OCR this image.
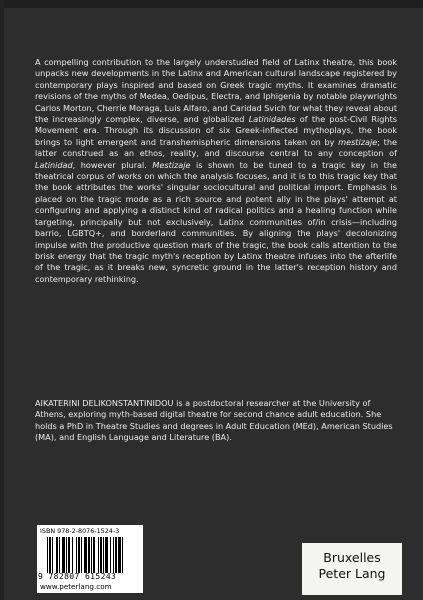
A compelling contribution to the largely understudied field of Latinx theatre, this book unpacks new developments in the Latinx and American cultural landscape registered by contemporary plays inspired and based on Greek tragic myths. It examines dramatic revisions of the myths of Medea, Oedipus, Electra, and Iphigenia by notable playwrights Carlos Morton, Cherríe Moraga, Luis Alfaro, and Caridad Svich for what they reveal about the increasingly complex, diverse, and globalized Latinidades of the post-Civil Rights Movement era. Through its discussion of six Greek-inflected mythoplays, the book brings to light emergent and transhemispheric dimensions taken on by mestizaje; the latter construed as an ethos, reality, and discourse central to any conception of Latinidad, however plural. Mestizaje is shown to be tuned to a tragic key in the theatrical corpus of works on which the analysis focuses, and it is to this tragic key that the book attributes the works' singular sociocultural and political import. Emphasis is placed on the tragic mode as a rich source and potent ally in the plays' attempt at configuring and applying a distinct kind of radical politics and a healing function while targeting, principally but not exclusively, Latinx communities of/in crisis—including barrio, LGBTQ+, and borderland communities. By aligning the plays' decolonizing impulse with the productive question mark of the tragic, the book calls attention to the brisk energy that the tragic myth's reception by Latinx theatre infuses into the afterlife of the tragic, as it breaks new, syncretic ground in the latter's reception history and contemporary rethinking.

AIKATERINI DELIKONSTANTINIDOU is a postdoctoral researcher at the University of Athens, exploring myth-based digital theatre for second chance adult education. She holds a PhD in Theatre Studies and degrees in Adult Education (MEd), American Studies (MA), and English Language and Literature (BA).

ISBN 978-2-8076-1524-3
9 782807 615243
www.peterlang.com
Bruxelles
Peter Lang
